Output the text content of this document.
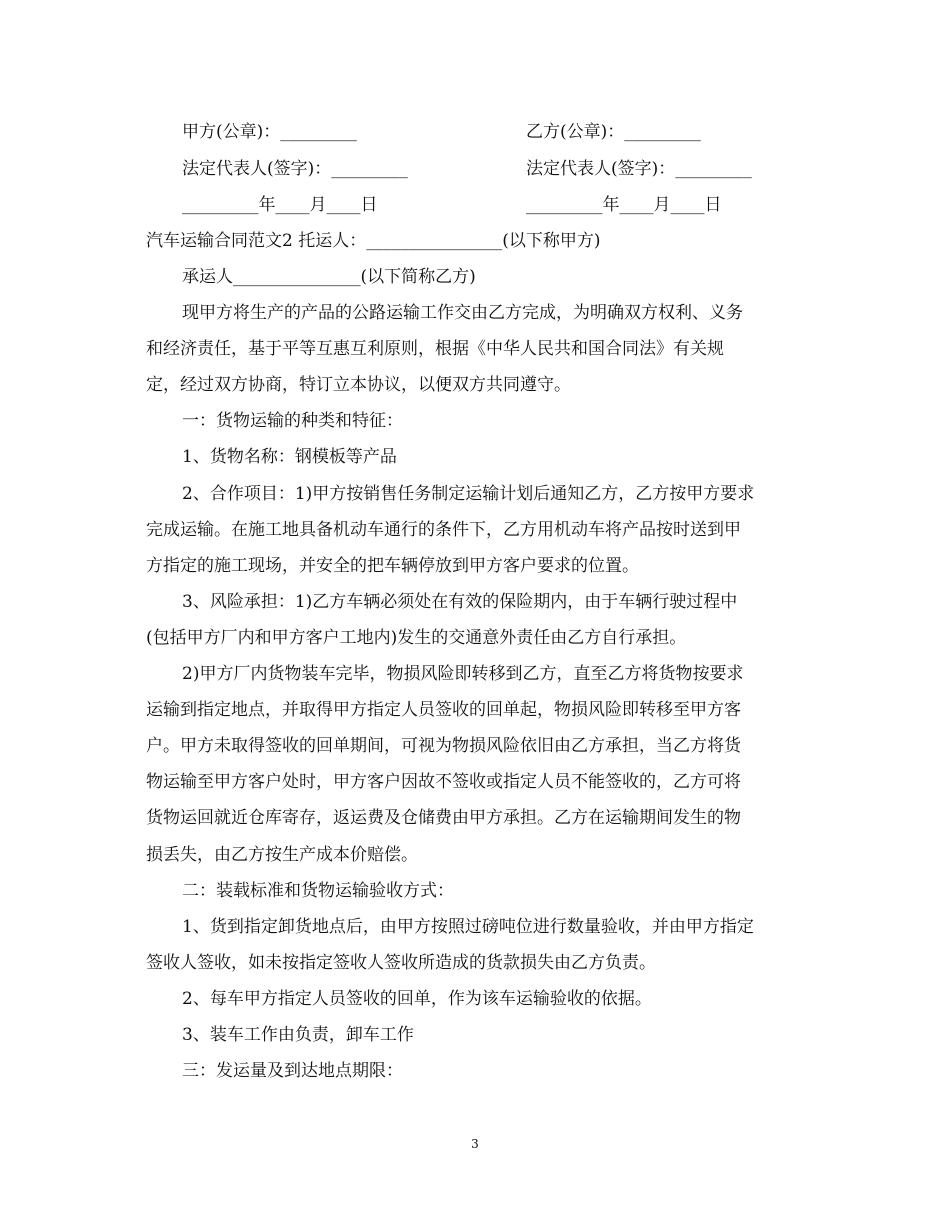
甲方(公章)：_________	乙方(公章)：_________
法定代表人(签字)：_________	法定代表人(签字)：_________
_________年____月____日	_________年____月____日
汽车运输合同范文2 托运人：________________(以下称甲方)
承运人_______________(以下简称乙方)
现甲方将生产的产品的公路运输工作交由乙方完成，为明确双方权利、义务
和经济责任，基于平等互惠互利原则，根据《中华人民共和国合同法》有关规
定，经过双方协商，特订立本协议，以便双方共同遵守。
一：货物运输的种类和特征：
1、货物名称：钢模板等产品
2、合作项目：1)甲方按销售任务制定运输计划后通知乙方，乙方按甲方要求
完成运输。在施工地具备机动车通行的条件下，乙方用机动车将产品按时送到甲
方指定的施工现场，并安全的把车辆停放到甲方客户要求的位置。
3、风险承担：1)乙方车辆必须处在有效的保险期内，由于车辆行驶过程中
(包括甲方厂内和甲方客户工地内)发生的交通意外责任由乙方自行承担。
2)甲方厂内货物装车完毕，物损风险即转移到乙方，直至乙方将货物按要求
运输到指定地点，并取得甲方指定人员签收的回单起，物损风险即转移至甲方客
户。甲方未取得签收的回单期间，可视为物损风险依旧由乙方承担，当乙方将货
物运输至甲方客户处时，甲方客户因故不签收或指定人员不能签收的，乙方可将
货物运回就近仓库寄存，返运费及仓储费由甲方承担。乙方在运输期间发生的物
损丢失，由乙方按生产成本价赔偿。
二：装载标准和货物运输验收方式：
1、货到指定卸货地点后，由甲方按照过磅吨位进行数量验收，并由甲方指定
签收人签收，如未按指定签收人签收所造成的货款损失由乙方负责。
2、每车甲方指定人员签收的回单，作为该车运输验收的依据。
3、装车工作由负责，卸车工作
三：发运量及到达地点期限：
3
